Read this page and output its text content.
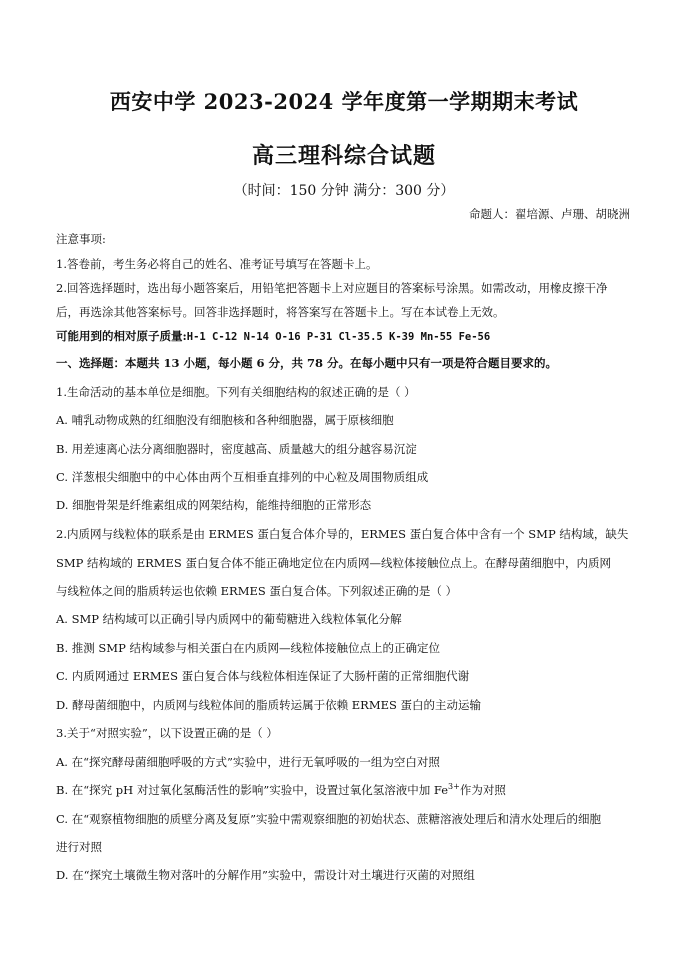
西安中学 2023-2024 学年度第一学期期末考试
高三理科综合试题
（时间：150 分钟 满分：300 分）
命题人：翟培源、卢珊、胡晓洲
注意事项:
1.答卷前，考生务必将自己的姓名、准考证号填写在答题卡上。
2.回答选择题时，选出每小题答案后，用铅笔把答题卡上对应题目的答案标号涂黑。如需改动，用橡皮擦干净
后，再选涂其他答案标号。回答非选择题时，将答案写在答题卡上。写在本试卷上无效。
可能用到的相对原子质量:H-1 C-12 N-14 O-16 P-31 Cl-35.5 K-39 Mn-55 Fe-56
一、选择题：本题共 13 小题，每小题 6 分，共 78 分。在每小题中只有一项是符合题目要求的。
1.生命活动的基本单位是细胞。下列有关细胞结构的叙述正确的是（ ）
A. 哺乳动物成熟的红细胞没有细胞核和各种细胞器，属于原核细胞
B. 用差速离心法分离细胞器时，密度越高、质量越大的组分越容易沉淀
C. 洋葱根尖细胞中的中心体由两个互相垂直排列的中心粒及周围物质组成
D. 细胞骨架是纤维素组成的网架结构，能维持细胞的正常形态
2.内质网与线粒体的联系是由 ERMES 蛋白复合体介导的，ERMES 蛋白复合体中含有一个 SMP 结构域，缺失
SMP 结构域的 ERMES 蛋白复合体不能正确地定位在内质网—线粒体接触位点上。在酵母菌细胞中，内质网
与线粒体之间的脂质转运也依赖 ERMES 蛋白复合体。下列叙述正确的是（ ）
A. SMP 结构域可以正确引导内质网中的葡萄糖进入线粒体氧化分解
B. 推测 SMP 结构域参与相关蛋白在内质网—线粒体接触位点上的正确定位
C. 内质网通过 ERMES 蛋白复合体与线粒体相连保证了大肠杆菌的正常细胞代谢
D. 酵母菌细胞中，内质网与线粒体间的脂质转运属于依赖 ERMES 蛋白的主动运输
3.关于“对照实验”，以下设置正确的是（ ）
A. 在“探究酵母菌细胞呼吸的方式”实验中，进行无氧呼吸的一组为空白对照
B. 在“探究 pH 对过氧化氢酶活性的影响”实验中，设置过氧化氢溶液中加 $Fe^{3+}$作为对照
C. 在“观察植物细胞的质壁分离及复原”实验中需观察细胞的初始状态、蔗糖溶液处理后和清水处理后的细胞
进行对照
D. 在“探究土壤微生物对落叶的分解作用”实验中，需设计对土壤进行灭菌的对照组
